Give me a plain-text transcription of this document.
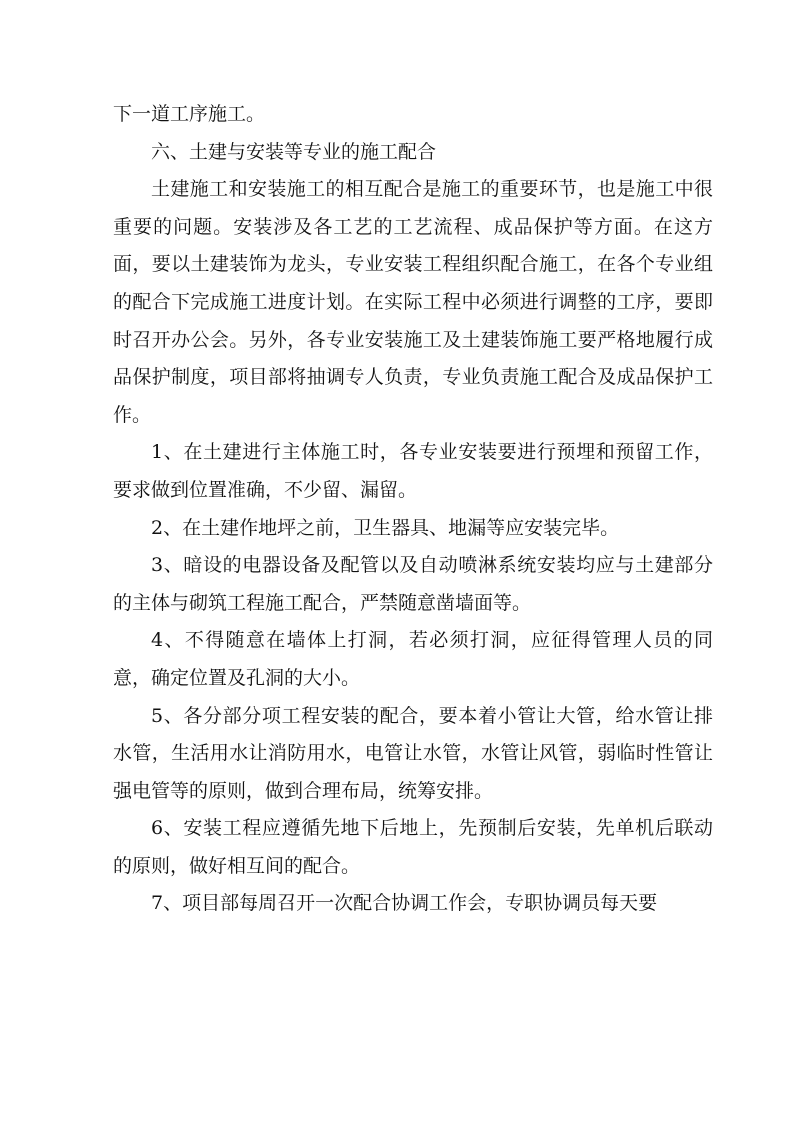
下一道工序施工。

六、土建与安装等专业的施工配合

土建施工和安装施工的相互配合是施工的重要环节，也是施工中很重要的问题。安装涉及各工艺的工艺流程、成品保护等方面。在这方面，要以土建装饰为龙头，专业安装工程组织配合施工，在各个专业组的配合下完成施工进度计划。在实际工程中必须进行调整的工序，要即时召开办公会。另外，各专业安装施工及土建装饰施工要严格地履行成品保护制度，项目部将抽调专人负责，专业负责施工配合及成品保护工作。

1、在土建进行主体施工时，各专业安装要进行预埋和预留工作，要求做到位置准确，不少留、漏留。

2、在土建作地坪之前，卫生器具、地漏等应安装完毕。

3、暗设的电器设备及配管以及自动喷淋系统安装均应与土建部分的主体与砌筑工程施工配合，严禁随意凿墙面等。

4、不得随意在墙体上打洞，若必须打洞，应征得管理人员的同意，确定位置及孔洞的大小。

5、各分部分项工程安装的配合，要本着小管让大管，给水管让排水管，生活用水让消防用水，电管让水管，水管让风管，弱临时性管让强电管等的原则，做到合理布局，统筹安排。

6、安装工程应遵循先地下后地上，先预制后安装，先单机后联动的原则，做好相互间的配合。

7、项目部每周召开一次配合协调工作会，专职协调员每天要
